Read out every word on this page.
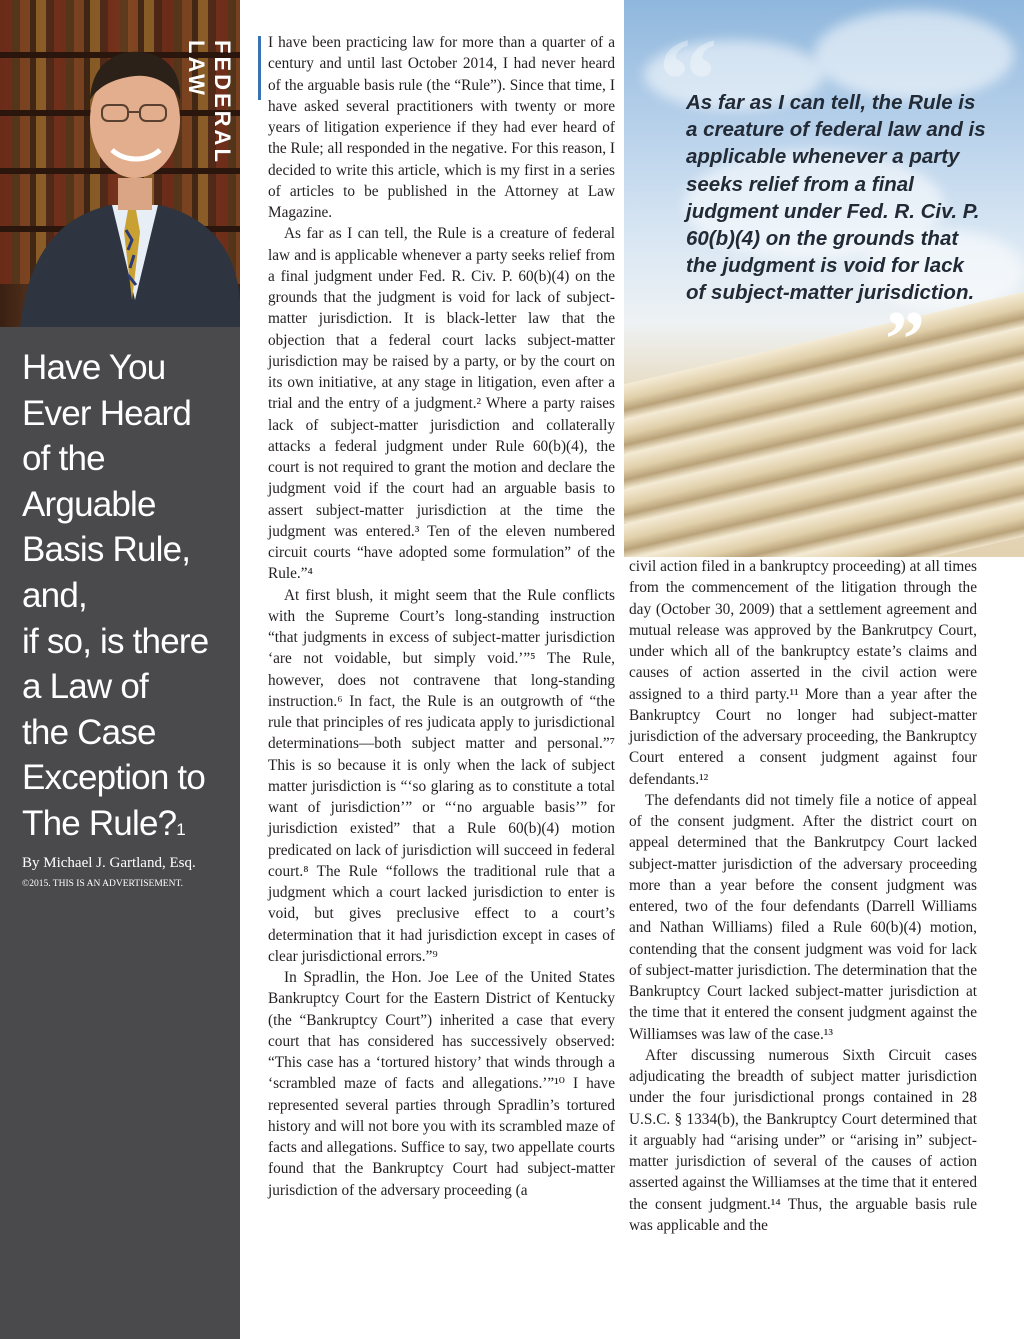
FEDERAL LAW
Have You
Ever Heard
of the
Arguable
Basis Rule,
and,
if so, is there
a Law of
the Case
Exception to
The Rule?$^1$
By Michael J. Gartland, Esq.
©2015. THIS IS AN ADVERTISEMENT.

I have been practicing law for more than a quarter of a century and until last October 2014, I had never heard of the arguable basis rule (the “Rule”). Since that time, I have asked several practitioners with twenty or more years of litigation experience if they had ever heard of the Rule; all responded in the negative. For this reason, I decided to write this article, which is my first in a series of articles to be published in the Attorney at Law Magazine.

As far as I can tell, the Rule is a creature of federal law and is applicable whenever a party seeks relief from a final judgment under Fed. R. Civ. P. 60(b)(4) on the grounds that the judgment is void for lack of subject-matter jurisdiction. It is black-letter law that the objection that a federal court lacks subject-matter jurisdiction may be raised by a party, or by the court on its own initiative, at any stage in litigation, even after a trial and the entry of a judgment.² Where a party raises lack of subject-matter jurisdiction and collaterally attacks a federal judgment under Rule 60(b)(4), the court is not required to grant the motion and declare the judgment void if the court had an arguable basis to assert subject-matter jurisdiction at the time the judgment was entered.³ Ten of the eleven numbered circuit courts “have adopted some formulation” of the Rule.”⁴

At first blush, it might seem that the Rule conflicts with the Supreme Court’s long-standing instruction “that judgments in excess of subject-matter jurisdiction ‘are not voidable, but simply void.’”⁵ The Rule, however, does not contravene that long-standing instruction.⁶ In fact, the Rule is an outgrowth of “the rule that principles of res judicata apply to jurisdictional determinations—both subject matter and personal.”⁷ This is so because it is only when the lack of subject matter jurisdiction is “‘so glaring as to constitute a total want of jurisdiction’” or “‘no arguable basis’” for jurisdiction existed” that a Rule 60(b)(4) motion predicated on lack of jurisdiction will succeed in federal court.⁸ The Rule “follows the traditional rule that a judgment which a court lacked jurisdiction to enter is void, but gives preclusive effect to a court’s determination that it had jurisdiction except in cases of clear jurisdictional errors.”⁹

In Spradlin, the Hon. Joe Lee of the United States Bankruptcy Court for the Eastern District of Kentucky (the “Bankruptcy Court”) inherited a case that every court that has considered has successively observed: “This case has a ‘tortured history’ that winds through a ‘scrambled maze of facts and allegations.’”¹⁰ I have represented several parties through Spradlin’s tortured history and will not bore you with its scrambled maze of facts and allegations. Suffice to say, two appellate courts found that the Bankruptcy Court had subject-matter jurisdiction of the adversary proceeding (a

“
As far as I can tell, the Rule is a creature of federal law and is applicable whenever a party seeks relief from a final judgment under Fed. R. Civ. P. 60(b)(4) on the grounds that the judgment is void for lack of subject-matter jurisdiction.
”

civil action filed in a bankruptcy proceeding) at all times from the commencement of the litigation through the day (October 30, 2009) that a settlement agreement and mutual release was approved by the Bankrutpcy Court, under which all of the bankruptcy estate’s claims and causes of action asserted in the civil action were assigned to a third party.¹¹ More than a year after the Bankruptcy Court no longer had subject-matter jurisdiction of the adversary proceeding, the Bankruptcy Court entered a consent judgment against four defendants.¹²

The defendants did not timely file a notice of appeal of the consent judgment. After the district court on appeal determined that the Bankrutpcy Court lacked subject-matter jurisdiction of the adversary proceeding more than a year before the consent judgment was entered, two of the four defendants (Darrell Williams and Nathan Williams) filed a Rule 60(b)(4) motion, contending that the consent judgment was void for lack of subject-matter jurisdiction. The determination that the Bankruptcy Court lacked subject-matter jurisdiction at the time that it entered the consent judgment against the Williamses was law of the case.¹³

After discussing numerous Sixth Circuit cases adjudicating the breadth of subject matter jurisdiction under the four jurisdictional prongs contained in 28 U.S.C. § 1334(b), the Bankruptcy Court determined that it arguably had “arising under” or “arising in” subject-matter jurisdiction of several of the causes of action asserted against the Williamses at the time that it entered the consent judgment.¹⁴ Thus, the arguable basis rule was applicable and the
